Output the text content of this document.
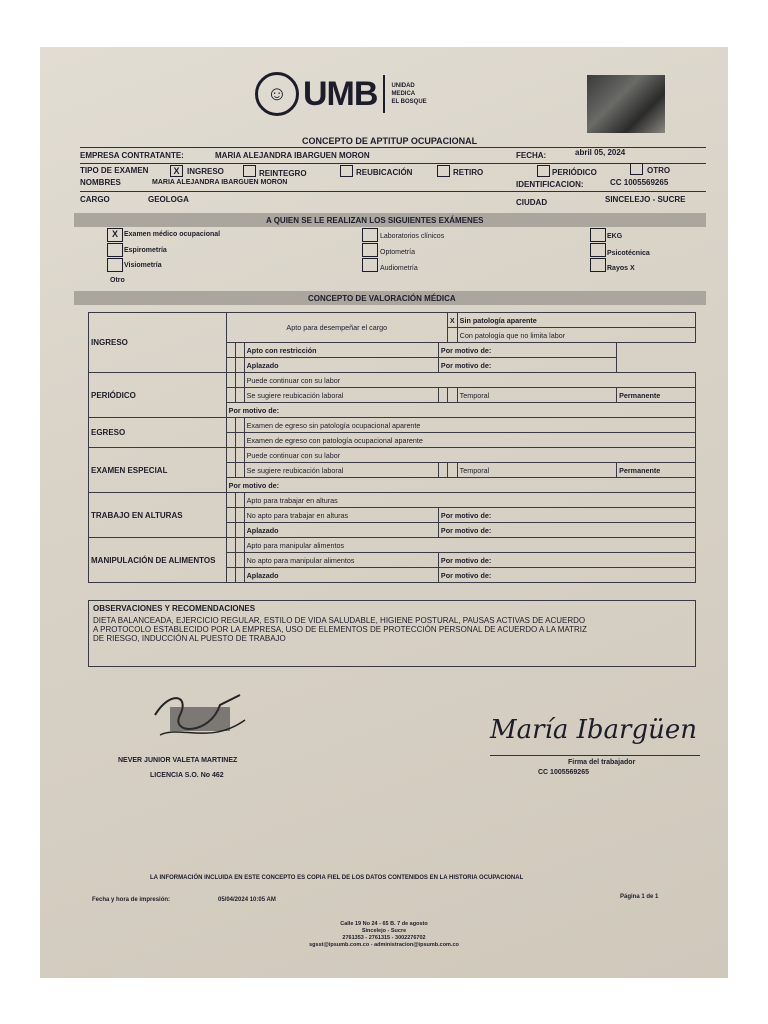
☺ UMB UNIDAD
MEDICA
EL BOSQUE
CONCEPTO DE APTITUP OCUPACIONAL
EMPRESA CONTRATANTE:	MARIA ALEJANDRA IBARGUEN MORON	FECHA:	abril 05, 2024
TIPO DE EXAMEN	X INGRESO	REINTEGRO	REUBICACIÓN	RETIRO	PERIÓDICO	OTRO
NOMBRES	MARIA ALEJANDRA IBARGUEN MORON	IDENTIFICACION:	CC 1005569265
CARGO	GEOLOGA	CIUDAD	SINCELEJO - SUCRE
A QUIEN SE LE REALIZAN LOS SIGUIENTES EXÁMENES
X Examen médico ocupacional
Espirometría
Visiometría
Otro
Laboratorios clínicos
Optometría
Audiometría
EKG
Psicotécnica
Rayos X
CONCEPTO DE VALORACIÓN MÉDICA
INGRESO	Apto para desempeñar el cargo				X	Sin patología aparente	
						Con patología que no limita labor	
			Apto con restricción	Por motivo de:			
			Aplazado	Por motivo de:			
PERIÓDICO			Puede continuar con su labor				
			Se sugiere reubicación laboral			Temporal	Permanente
	Por motivo de:						
EGRESO			Examen de egreso sin patología ocupacional aparente				
			Examen de egreso con patología ocupacional aparente				
EXAMEN ESPECIAL			Puede continuar con su labor				
			Se sugiere reubicación laboral			Temporal	Permanente
	Por motivo de:						
TRABAJO EN ALTURAS			Apto para trabajar en alturas				
			No apto para trabajar en alturas	Por motivo de:			
			Aplazado	Por motivo de:			
MANIPULACIÓN DE ALIMENTOS			Apto para manipular alimentos				
			No apto para manipular alimentos	Por motivo de:			
			Aplazado	Por motivo de:			
OBSERVACIONES Y RECOMENDACIONES
DIETA BALANCEADA, EJERCICIO REGULAR, ESTILO DE VIDA SALUDABLE, HIGIENE POSTURAL, PAUSAS ACTIVAS DE ACUERDO
A PROTOCOLO ESTABLECIDO POR LA EMPRESA, USO DE ELEMENTOS DE PROTECCIÓN PERSONAL DE ACUERDO A LA MATRIZ
DE RIESGO, INDUCCIÓN AL PUESTO DE TRABAJO
NEVER JUNIOR VALETA MARTINEZ
LICENCIA S.O. No 462
María Ibargüen
Firma del trabajador
CC 1005569265
LA INFORMACIÓN INCLUIDA EN ESTE CONCEPTO ES COPIA FIEL DE LOS DATOS CONTENIDOS EN LA HISTORIA OCUPACIONAL
Fecha y hora de impresión:	05/04/2024 10:05 AM	Página 1 de 1
Calle 19 No 24 - 65 B. 7 de agosto
Sincelejo - Sucre
2761353 - 2761315 - 3002276702
sgsst@ipsumb.com.co - administracion@ipsumb.com.co
